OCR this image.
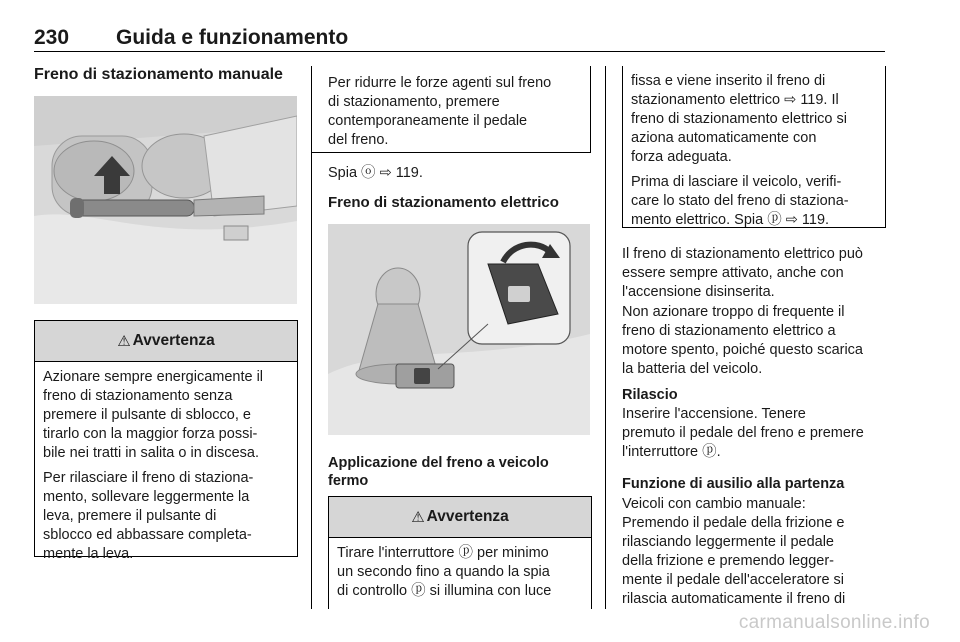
230 Guida e funzionamento
Freno di stazionamento manuale
⚠ Avvertenza

Azionare sempre energicamente il
freno di stazionamento senza
premere il pulsante di sblocco, e
tirarlo con la maggior forza possi-
bile nei tratti in salita o in discesa.

Per rilasciare il freno di staziona-
mento, sollevare leggermente la
leva, premere il pulsante di
sblocco ed abbassare completa-
mente la leva.

Per ridurre le forze agenti sul freno
di stazionamento, premere
contemporaneamente il pedale
del freno.
Spia ⓞ ⇨ 119.
Freno di stazionamento elettrico
Applicazione del freno a veicolo
fermo
⚠ Avvertenza
Tirare l'interruttore ⓟ per minimo
un secondo fino a quando la spia
di controllo ⓟ si illumina con luce

fissa e viene inserito il freno di
stazionamento elettrico ⇨ 119. Il
freno di stazionamento elettrico si
aziona automaticamente con
forza adeguata.

Prima di lasciare il veicolo, verifi-
care lo stato del freno di staziona-
mento elettrico. Spia ⓟ ⇨ 119.

Il freno di stazionamento elettrico può
essere sempre attivato, anche con
l'accensione disinserita.
Non azionare troppo di frequente il
freno di stazionamento elettrico a
motore spento, poiché questo scarica
la batteria del veicolo.
Rilascio
Inserire l'accensione. Tenere
premuto il pedale del freno e premere
l'interruttore ⓟ.
Funzione di ausilio alla partenza
Veicoli con cambio manuale:
Premendo il pedale della frizione e
rilasciando leggermente il pedale
della frizione e premendo legger-
mente il pedale dell'acceleratore si
rilascia automaticamente il freno di
carmanualsonline.info
